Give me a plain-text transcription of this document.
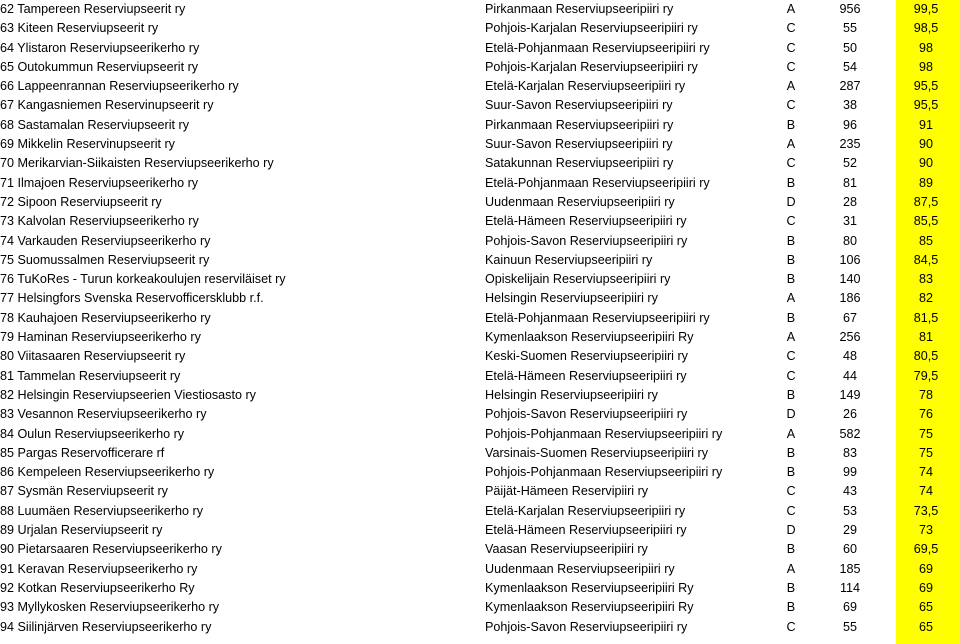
62 Tampereen Reserviupseerit ry	Pirkanmaan Reserviupseeripiiri ry	A	956	99,5
63 Kiteen Reserviupseerit ry	Pohjois-Karjalan Reserviupseeripiiri ry	C	55	98,5
64 Ylistaron Reserviupseerikerho ry	Etelä-Pohjanmaan Reserviupseeripiiri ry	C	50	98
65 Outokummun Reserviupseerit ry	Pohjois-Karjalan Reserviupseeripiiri ry	C	54	98
66 Lappeenrannan Reserviupseerikerho ry	Etelä-Karjalan Reserviupseeripiiri ry	A	287	95,5
67 Kangasniemen Reservinupseerit ry	Suur-Savon Reserviupseeripiiri ry	C	38	95,5
68 Sastamalan Reserviupseerit ry	Pirkanmaan Reserviupseeripiiri ry	B	96	91
69 Mikkelin Reservinupseerit ry	Suur-Savon Reserviupseeripiiri ry	A	235	90
70 Merikarvian-Siikaisten Reserviupseerikerho ry	Satakunnan Reserviupseeripiiri ry	C	52	90
71 Ilmajoen Reserviupseerikerho ry	Etelä-Pohjanmaan Reserviupseeripiiri ry	B	81	89
72 Sipoon Reserviupseerit ry	Uudenmaan Reserviupseeripiiri ry	D	28	87,5
73 Kalvolan Reserviupseerikerho ry	Etelä-Hämeen Reserviupseeripiiri ry	C	31	85,5
74 Varkauden Reserviupseerikerho ry	Pohjois-Savon Reserviupseeripiiri ry	B	80	85
75 Suomussalmen Reserviupseerit ry	Kainuun Reserviupseeripiiri ry	B	106	84,5
76 TuKoRes - Turun korkeakoulujen reserviläiset ry	Opiskelijain Reserviupseeripiiri ry	B	140	83
77 Helsingfors Svenska Reservofficersklubb r.f.	Helsingin Reserviupseeripiiri ry	A	186	82
78 Kauhajoen Reserviupseerikerho ry	Etelä-Pohjanmaan Reserviupseeripiiri ry	B	67	81,5
79 Haminan Reserviupseerikerho ry	Kymenlaakson Reserviupseeripiiri Ry	A	256	81
80 Viitasaaren Reserviupseerit ry	Keski-Suomen Reserviupseeripiiri ry	C	48	80,5
81 Tammelan Reserviupseerit ry	Etelä-Hämeen Reserviupseeripiiri ry	C	44	79,5
82 Helsingin Reserviupseerien Viestiosasto ry	Helsingin Reserviupseeripiiri ry	B	149	78
83 Vesannon Reserviupseerikerho ry	Pohjois-Savon Reserviupseeripiiri ry	D	26	76
84 Oulun Reserviupseerikerho ry	Pohjois-Pohjanmaan Reserviupseeripiiri ry	A	582	75
85 Pargas Reservofficerare rf	Varsinais-Suomen Reserviupseeripiiri ry	B	83	75
86 Kempeleen Reserviupseerikerho ry	Pohjois-Pohjanmaan Reserviupseeripiiri ry	B	99	74
87 Sysmän Reserviupseerit ry	Päijät-Hämeen Reservipiiri ry	C	43	74
88 Luumäen Reserviupseerikerho ry	Etelä-Karjalan Reserviupseeripiiri ry	C	53	73,5
89 Urjalan Reserviupseerit ry	Etelä-Hämeen Reserviupseeripiiri ry	D	29	73
90 Pietarsaaren Reserviupseerikerho ry	Vaasan Reserviupseeripiiri ry	B	60	69,5
91 Keravan Reserviupseerikerho ry	Uudenmaan Reserviupseeripiiri ry	A	185	69
92 Kotkan Reserviupseerikerho Ry	Kymenlaakson Reserviupseeripiiri Ry	B	114	69
93 Myllykosken Reserviupseerikerho ry	Kymenlaakson Reserviupseeripiiri Ry	B	69	65
94 Siilinjärven Reserviupseerikerho ry	Pohjois-Savon Reserviupseeripiiri ry	C	55	65
